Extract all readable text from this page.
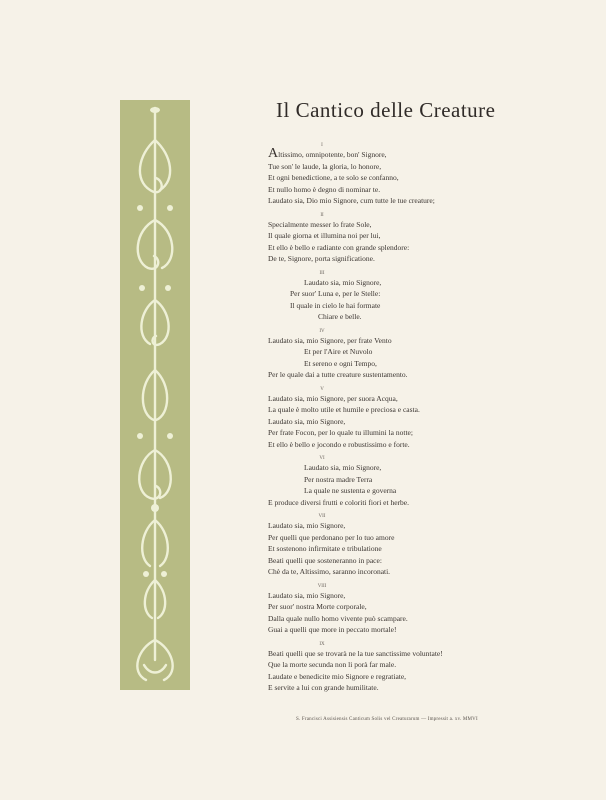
Il Cantico delle Creature
I
Altissimo, omnipotente, bon' Signore,
Tue son' le laude, la gloria, lo honore,
Et ogni benedictione, a te solo se confanno,
Et nullo homo è degno di nominar te.
Laudato sia, Dio mio Signore, cum tutte le tue creature;
II
Specialmente messer lo frate Sole,
Il quale giorna et illumina noi per lui,
Et ello è bello e radiante con grande splendore:
De te, Signore, porta significatione.
III
Laudato sia, mio Signore,
Per suor' Luna e, per le Stelle:
Il quale in cielo le hai formate
Chiare e belle.
IV
Laudato sia, mio Signore, per frate Vento
Et per l'Aire et Nuvolo
Et sereno e ogni Tempo,
Per le quale dai a tutte creature sustentamento.
V
Laudato sia, mio Signore, per suora Acqua,
La quale è molto utile et humile e preciosa e casta.
Laudato sia, mio Signore,
Per frate Focon, per lo quale tu illumini la notte;
Et ello è bello e jocondo e robustissimo e forte.
VI
Laudato sia, mio Signore,
Per nostra madre Terra
La quale ne sustenta e governa
E produce diversi frutti e coloriti fiori et herbe.
VII
Laudato sia, mio Signore,
Per quelli que perdonano per lo tuo amore
Et sostenono infirmitate e tribulatione
Beati quelli que sosteneranno in pace:
Chè da te, Altissimo, saranno incoronati.
VIII
Laudato sia, mio Signore,
Per suor' nostra Morte corporale,
Dalla quale nullo homo vivente può scampare.
Guai a quelli que more in peccato mortale!
IX
Beati quelli que se trovarà ne la tue sanctissime voluntate!
Que la morte secunda non li porà far male.
Laudate e benedicite mio Signore e regratiate,
E servite a lui con grande humilitate.
S. Francisci Assisiensis Canticum Solis vel Creaturarum — Impressit a. xv. MMVI
